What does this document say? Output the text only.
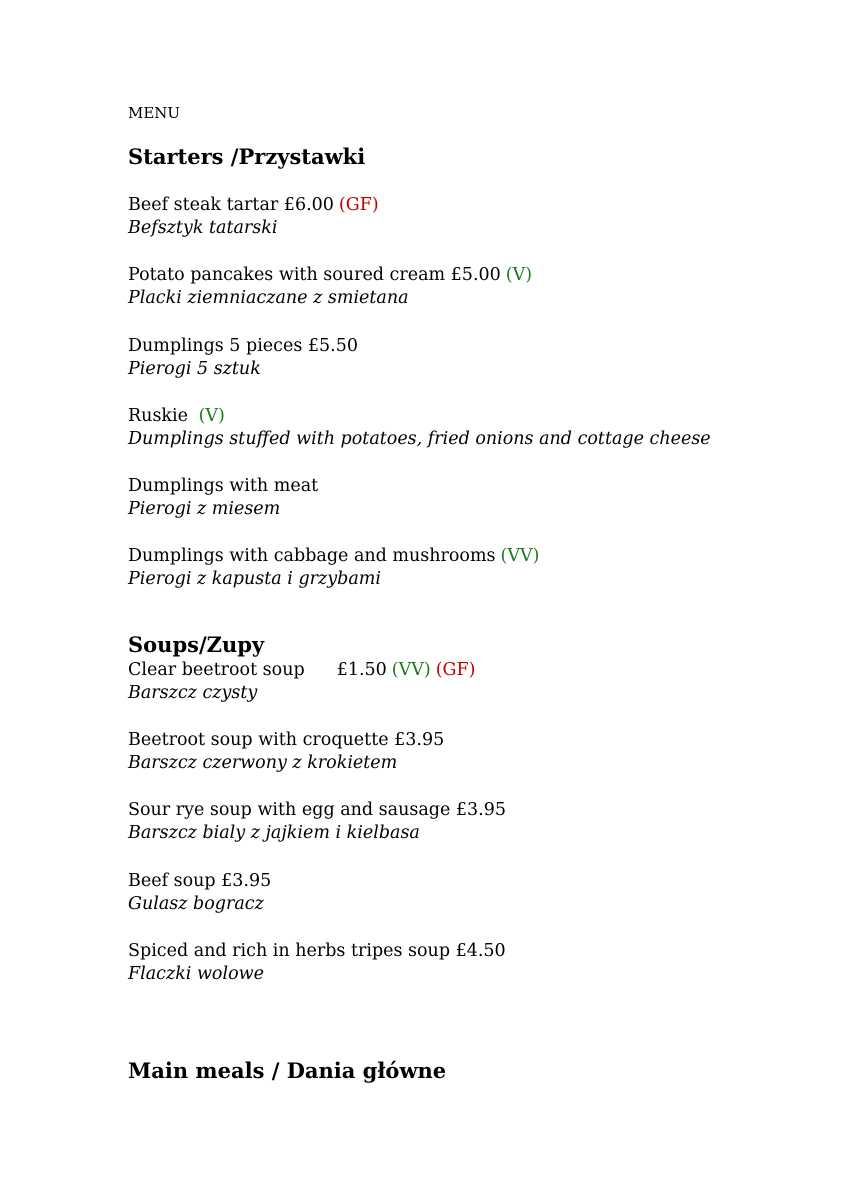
MENU
Starters /Przystawki
Beef steak tartar £6.00 (GF)
Befsztyk tatarski
Potato pancakes with soured cream £5.00 (V)
Placki ziemniaczane z smietana
Dumplings 5 pieces £5.50
Pierogi 5 sztuk
Ruskie (V)
Dumplings stuffed with potatoes, fried onions and cottage cheese
Dumplings with meat
Pierogi z miesem
Dumplings with cabbage and mushrooms (VV)
Pierogi z kapusta i grzybami
Soups/Zupy
Clear beetroot soup £1.50 (VV) (GF)
Barszcz czysty
Beetroot soup with croquette £3.95
Barszcz czerwony z krokietem
Sour rye soup with egg and sausage £3.95
Barszcz bialy z jajkiem i kielbasa
Beef soup £3.95
Gulasz bogracz
Spiced and rich in herbs tripes soup £4.50
Flaczki wolowe
Main meals / Dania główne
